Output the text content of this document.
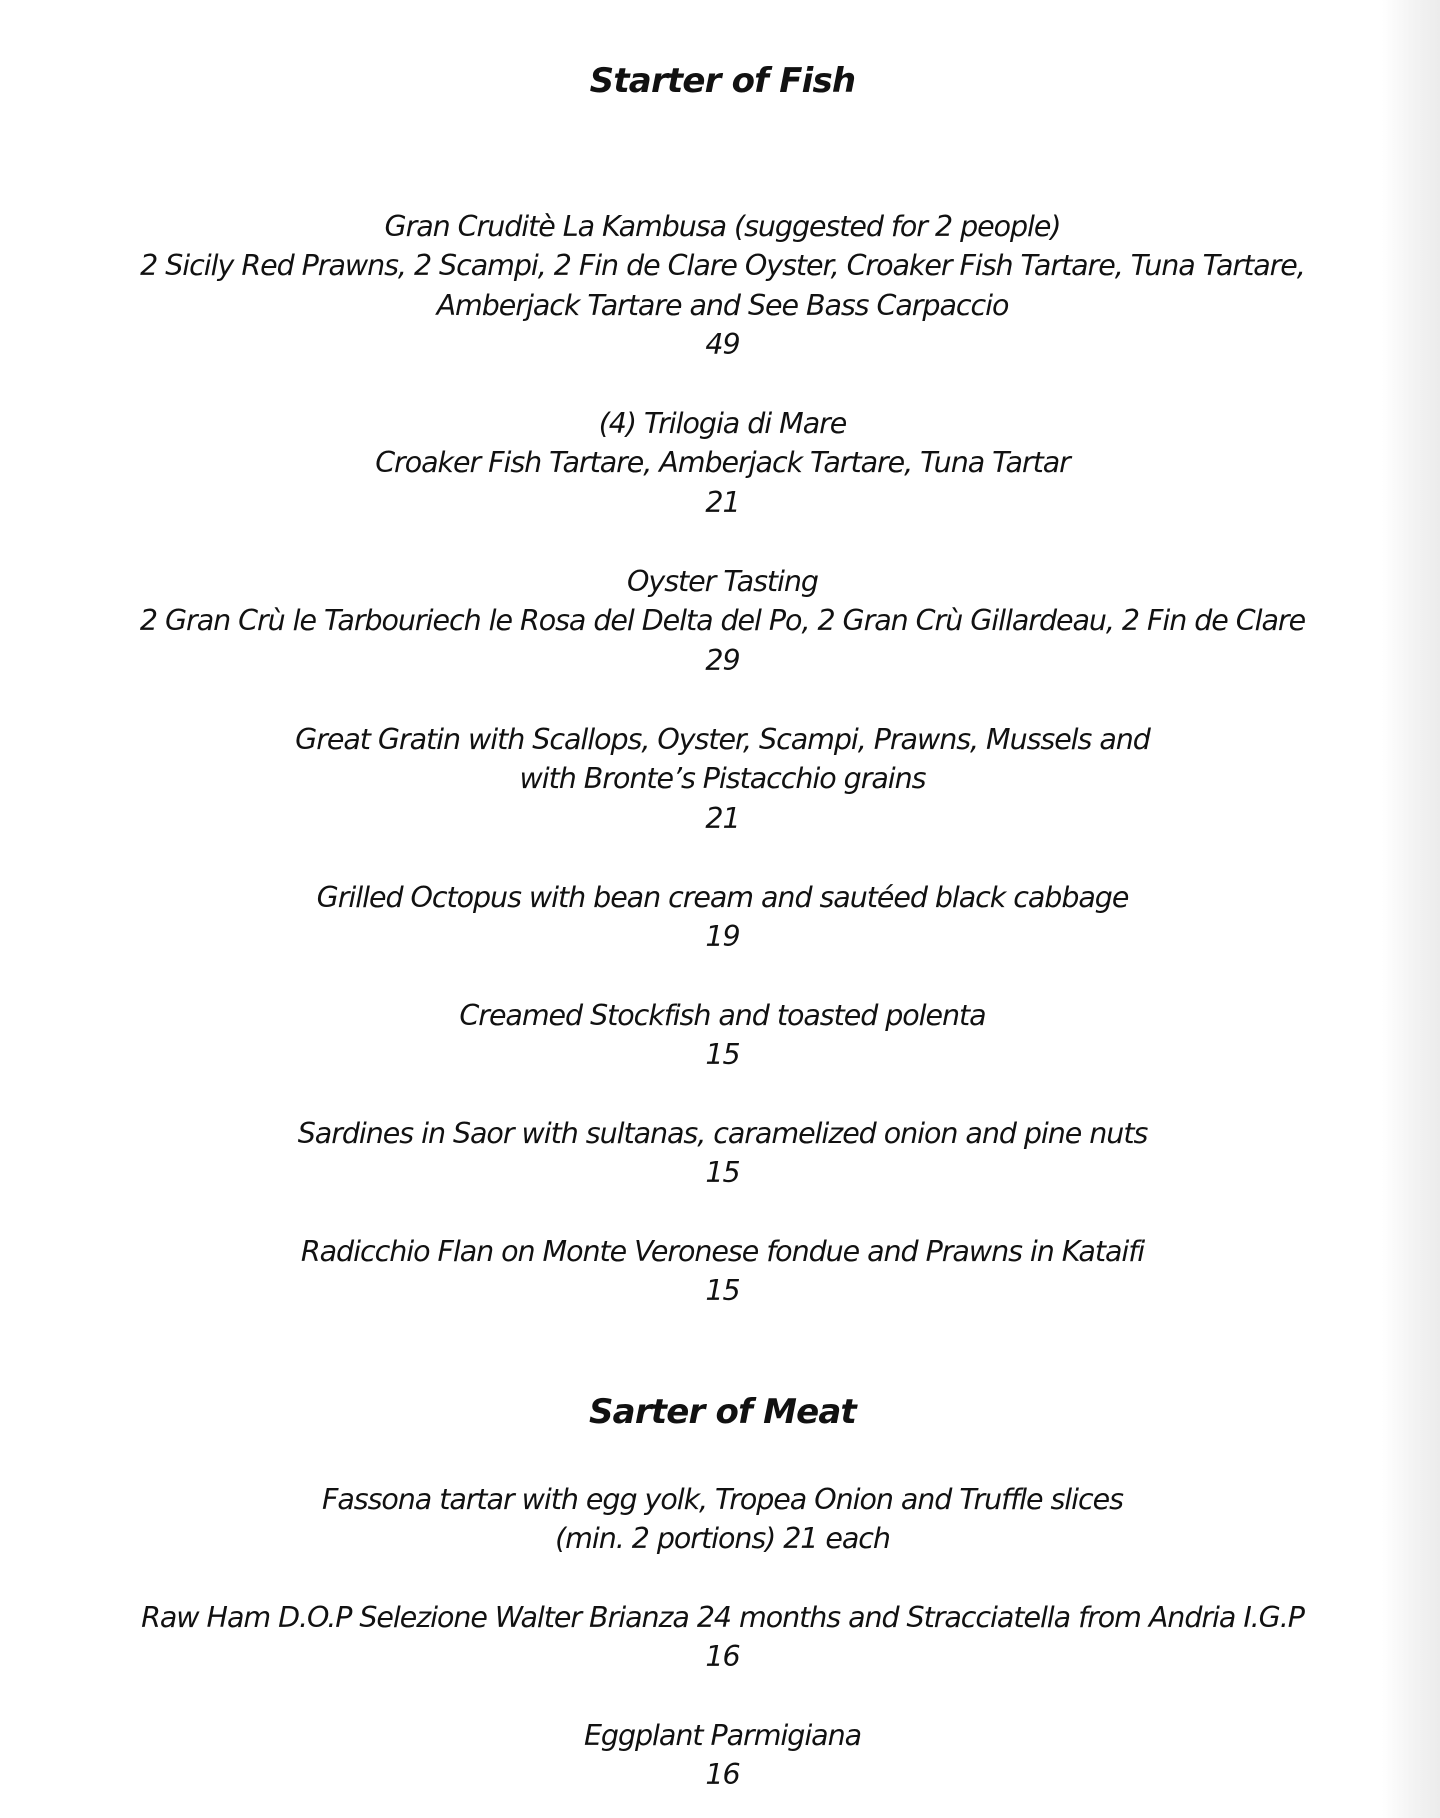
Starter of Fish

Gran Cruditè La Kambusa (suggested for 2 people)

2 Sicily Red Prawns, 2 Scampi, 2 Fin de Clare Oyster, Croaker Fish Tartare, Tuna Tartare,

Amberjack Tartare and See Bass Carpaccio

49

(4) Trilogia di Mare

Croaker Fish Tartare, Amberjack Tartare, Tuna Tartar

21

Oyster Tasting

2 Gran Crù le Tarbouriech le Rosa del Delta del Po, 2 Gran Crù Gillardeau, 2 Fin de Clare

29

Great Gratin with Scallops, Oyster, Scampi, Prawns, Mussels and

with Bronte’s Pistacchio grains

21

Grilled Octopus with bean cream and sautéed black cabbage

19

Creamed Stockfish and toasted polenta

15

Sardines in Saor with sultanas, caramelized onion and pine nuts

15

Radicchio Flan on Monte Veronese fondue and Prawns in Kataifi

15

Sarter of Meat

Fassona tartar with egg yolk, Tropea Onion and Truffle slices

(min. 2 portions) 21 each

Raw Ham D.O.P Selezione Walter Brianza 24 months and Stracciatella from Andria I.G.P

16

Eggplant Parmigiana

16
